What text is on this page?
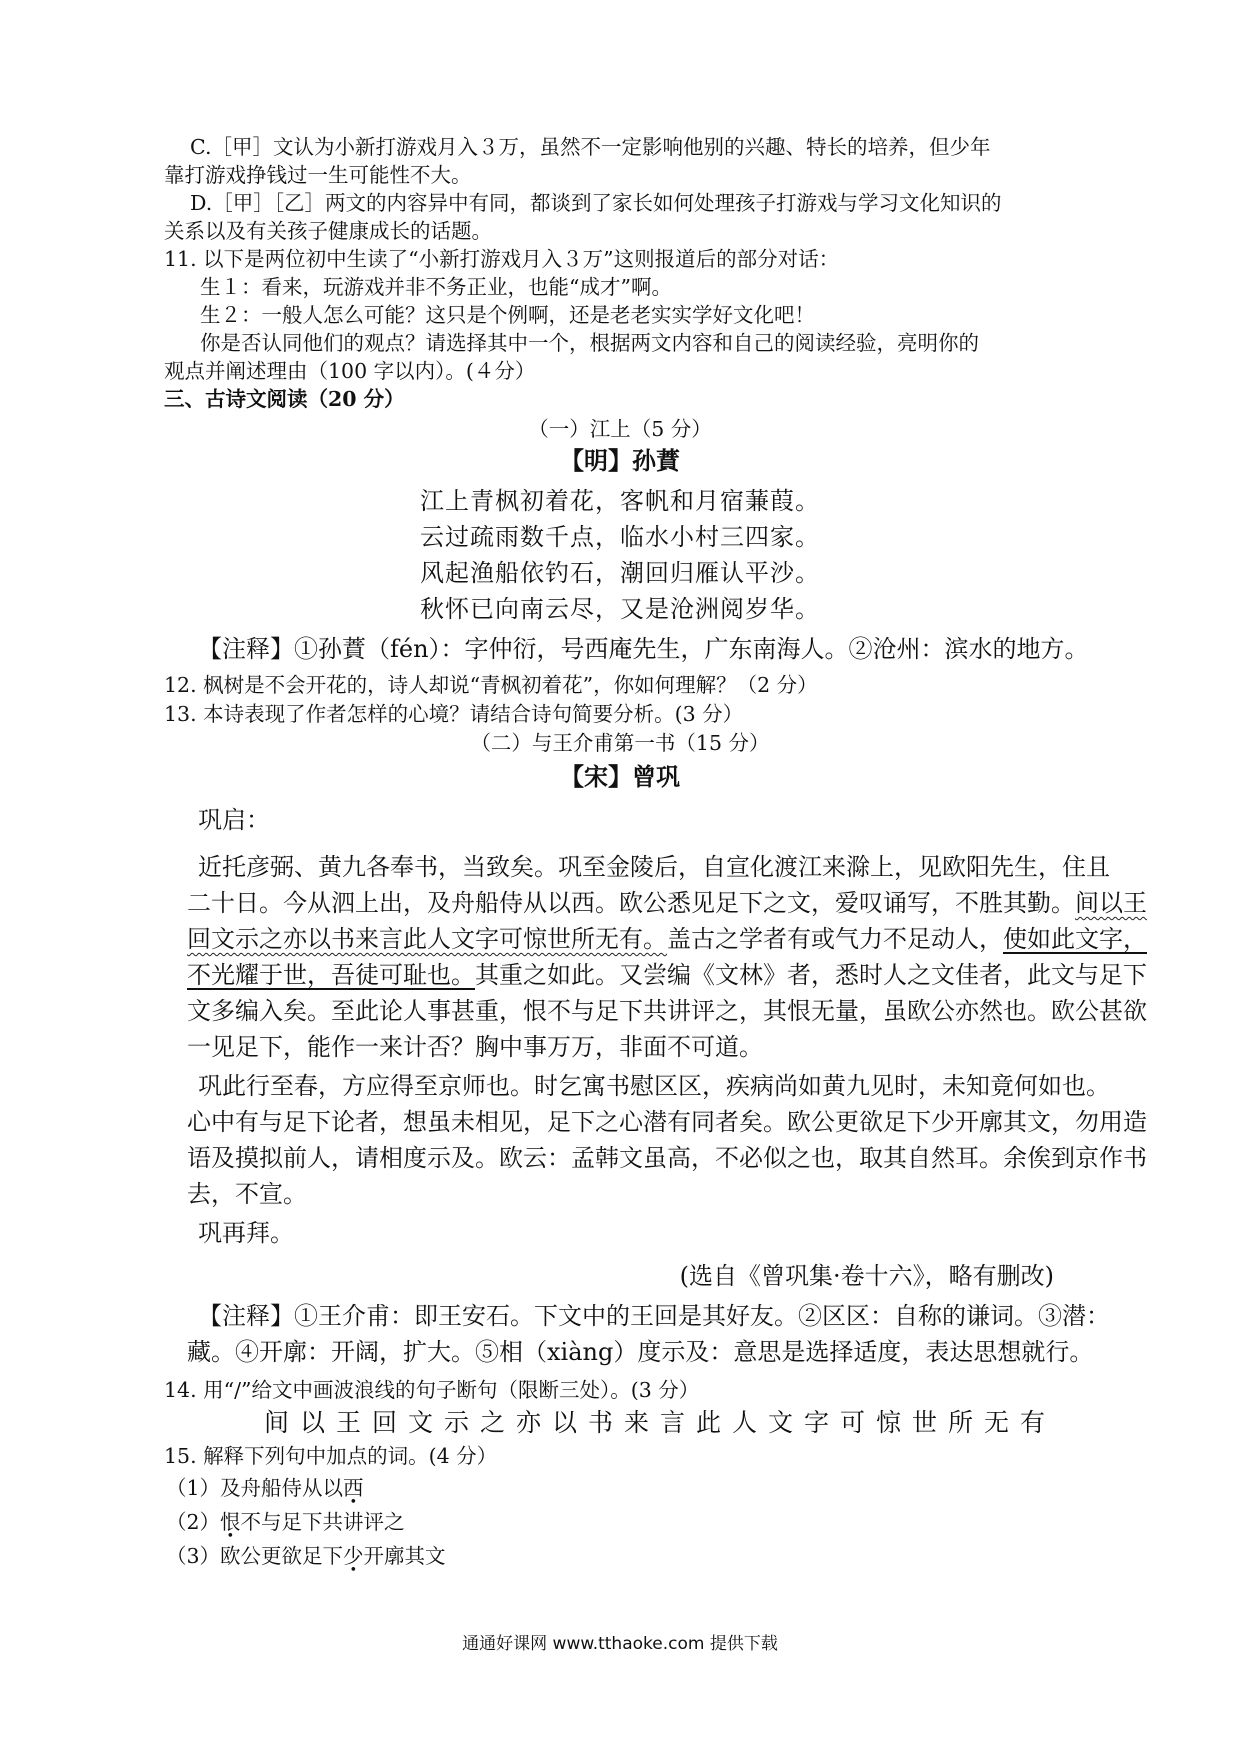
C.［甲］文认为小新打游戏月入３万，虽然不一定影响他别的兴趣、特长的培养，但少年
靠打游戏挣钱过一生可能性不大。
D.［甲］［乙］两文的内容异中有同，都谈到了家长如何处理孩子打游戏与学习文化知识的
关系以及有关孩子健康成长的话题。
11. 以下是两位初中生读了“小新打游戏月入３万”这则报道后的部分对话：
生１：看来，玩游戏并非不务正业，也能“成才”啊。
生２：一般人怎么可能？这只是个例啊，还是老老实实学好文化吧！
你是否认同他们的观点？请选择其中一个，根据两文内容和自己的阅读经验，亮明你的
观点并阐述理由（100 字以内）。(４分）
三、古诗文阅读（20 分）
（一）江上（5 分）
【明】孙蕡
江上青枫初着花，客帆和月宿蒹葭。
云过疏雨数千点，临水小村三四家。
风起渔船依钓石，潮回归雁认平沙。
秋怀已向南云尽，又是沧洲阅岁华。
【注释】①孙蕡（fén）：字仲衍，号西庵先生，广东南海人。②沧州：滨水的地方。
12. 枫树是不会开花的，诗人却说“青枫初着花”，你如何理解？（2 分）
13. 本诗表现了作者怎样的心境？请结合诗句简要分析。(3 分）
（二）与王介甫第一书（15 分）
【宋】曾巩
巩启：
近托彦弼、黄九各奉书，当致矣。巩至金陵后，自宣化渡江来滁上，见欧阳先生，住且
二十日。今从泗上出，及舟船侍从以西。欧公悉见足下之文，爱叹诵写，不胜其勤。间以王
回文示之亦以书来言此人文字可惊世所无有。盖古之学者有或气力不足动人，使如此文字，
不光耀于世，吾徒可耻也。其重之如此。又尝编《文林》者，悉时人之文佳者，此文与足下
文多编入矣。至此论人事甚重，恨不与足下共讲评之，其恨无量，虽欧公亦然也。欧公甚欲
一见足下，能作一来计否？胸中事万万，非面不可道。
巩此行至春，方应得至京师也。时乞寓书慰区区，疾病尚如黄九见时，未知竟何如也。
心中有与足下论者，想虽未相见，足下之心潜有同者矣。欧公更欲足下少开廓其文，勿用造
语及摸拟前人，请相度示及。欧云：孟韩文虽高，不必似之也，取其自然耳。余俟到京作书
去，不宣。
巩再拜。
(选自《曾巩集·卷十六》，略有删改)
【注释】①王介甫：即王安石。下文中的王回是其好友。②区区：自称的谦词。③潜：
藏。④开廓：开阔，扩大。⑤相（xiàng）度示及：意思是选择适度，表达思想就行。
14. 用“/”给文中画波浪线的句子断句（限断三处）。(3 分）
间以王回文示之亦以书来言此人文字可惊世所无有
15. 解释下列句中加点的词。(4 分）
（1）及舟船侍从以西
（2）恨不与足下共讲评之
（3）欧公更欲足下少开廓其文
通通好课网 www.tthaoke.com 提供下载
